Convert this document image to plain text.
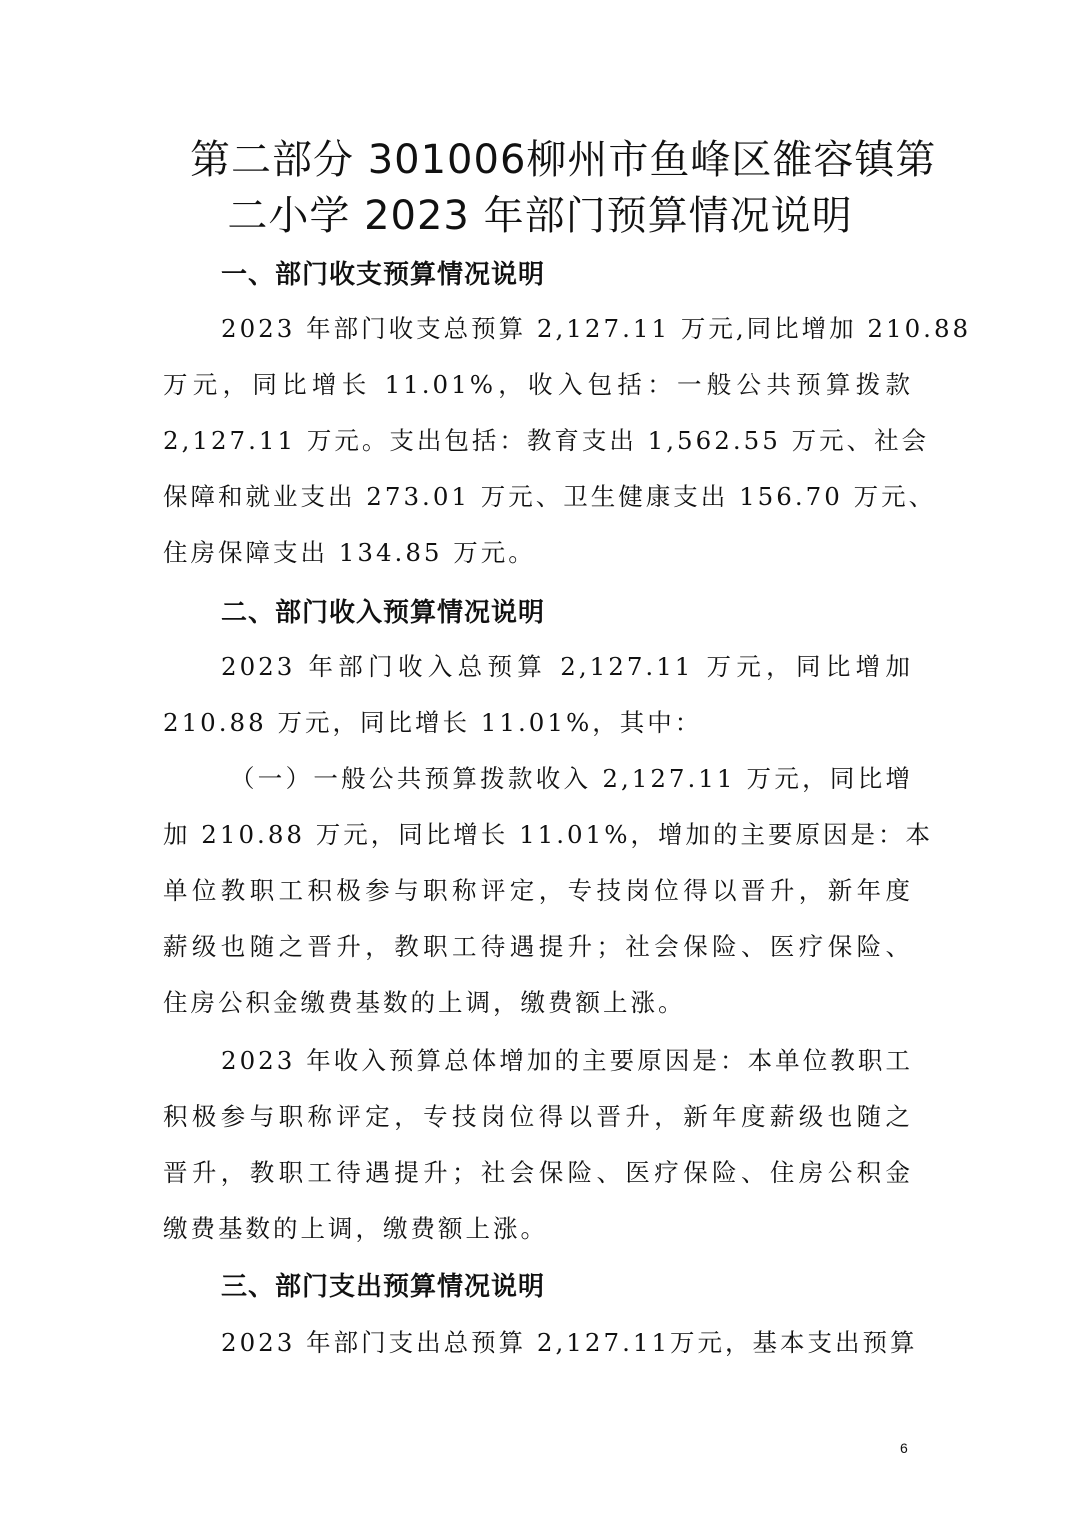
第二部分 301006柳州市鱼峰区雒容镇第
二小学 2023 年部门预算情况说明
一、部门收支预算情况说明
2023 年部门收支总预算 2,127.11 万元,同比增加 210.88
万元，同比增长 11.01%，收入包括：一般公共预算拨款
2,127.11 万元。支出包括：教育支出 1,562.55 万元、社会
保障和就业支出 273.01 万元、卫生健康支出 156.70 万元、
住房保障支出 134.85 万元。
二、部门收入预算情况说明
2023 年部门收入总预算 2,127.11 万元，同比增加
210.88 万元，同比增长 11.01%，其中：
（一）一般公共预算拨款收入 2,127.11 万元，同比增
加 210.88 万元，同比增长 11.01%，增加的主要原因是：本
单位教职工积极参与职称评定，专技岗位得以晋升，新年度
薪级也随之晋升，教职工待遇提升；社会保险、医疗保险、
住房公积金缴费基数的上调，缴费额上涨。
2023 年收入预算总体增加的主要原因是：本单位教职工
积极参与职称评定，专技岗位得以晋升，新年度薪级也随之
晋升，教职工待遇提升；社会保险、医疗保险、住房公积金
缴费基数的上调，缴费额上涨。
三、部门支出预算情况说明
2023 年部门支出总预算 2,127.11万元，基本支出预算
6
